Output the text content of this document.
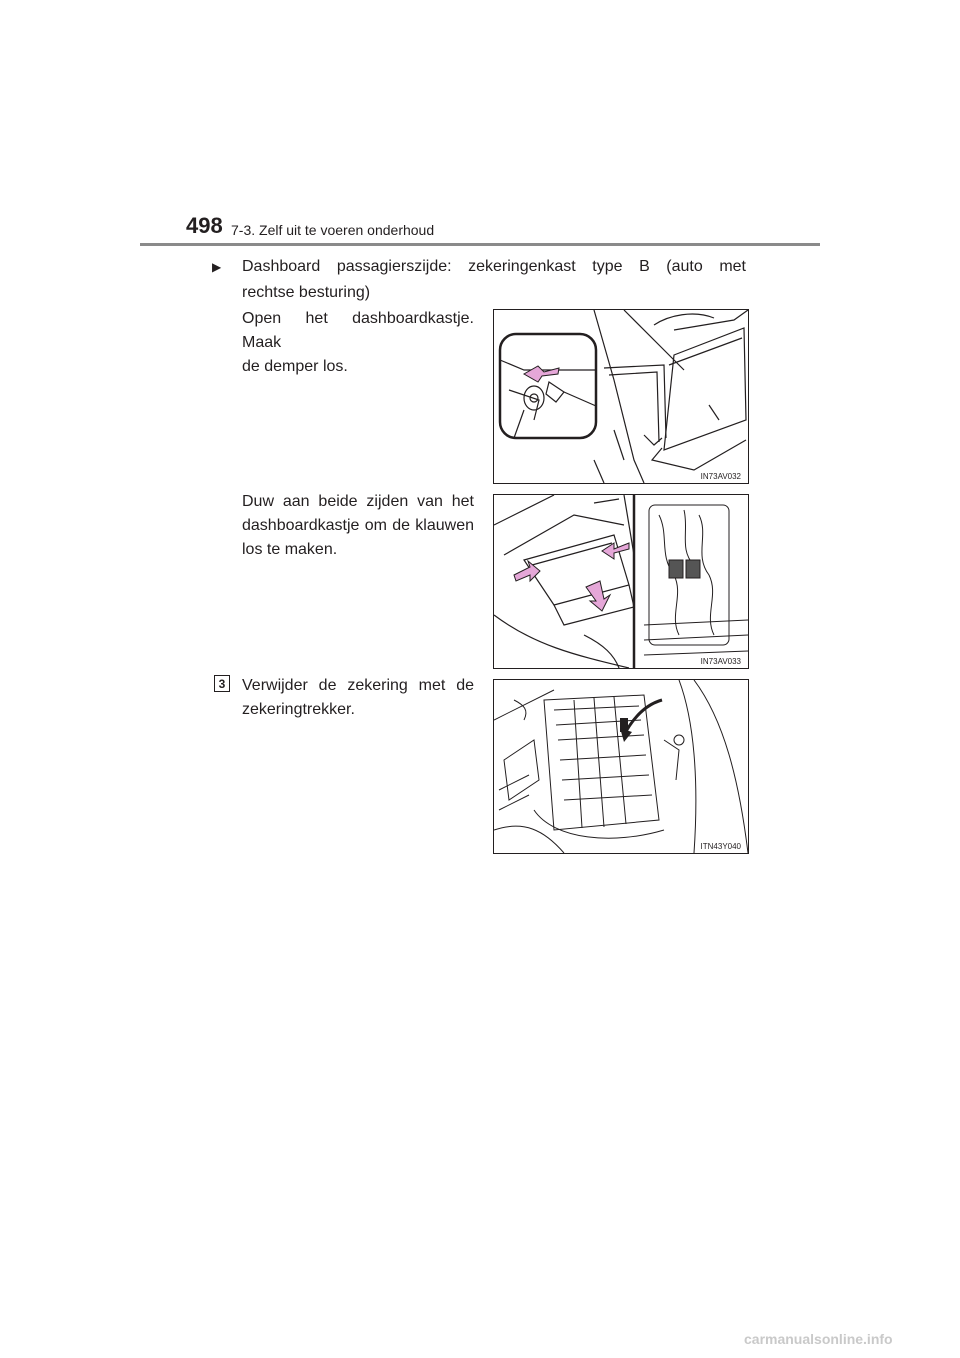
498 7-3. Zelf uit te voeren onderhoud
▶	Dashboard passagierszijde: zekeringenkast type B (auto met
rechtse besturing)
Open het dashboardkastje. Maak
de demper los.
IN73AV032
Duw aan beide zijden van het
dashboardkastje om de klauwen
los te maken.
IN73AV033
3 Verwijder de zekering met de
zekeringtrekker.
ITN43Y040
carmanualsonline.info
